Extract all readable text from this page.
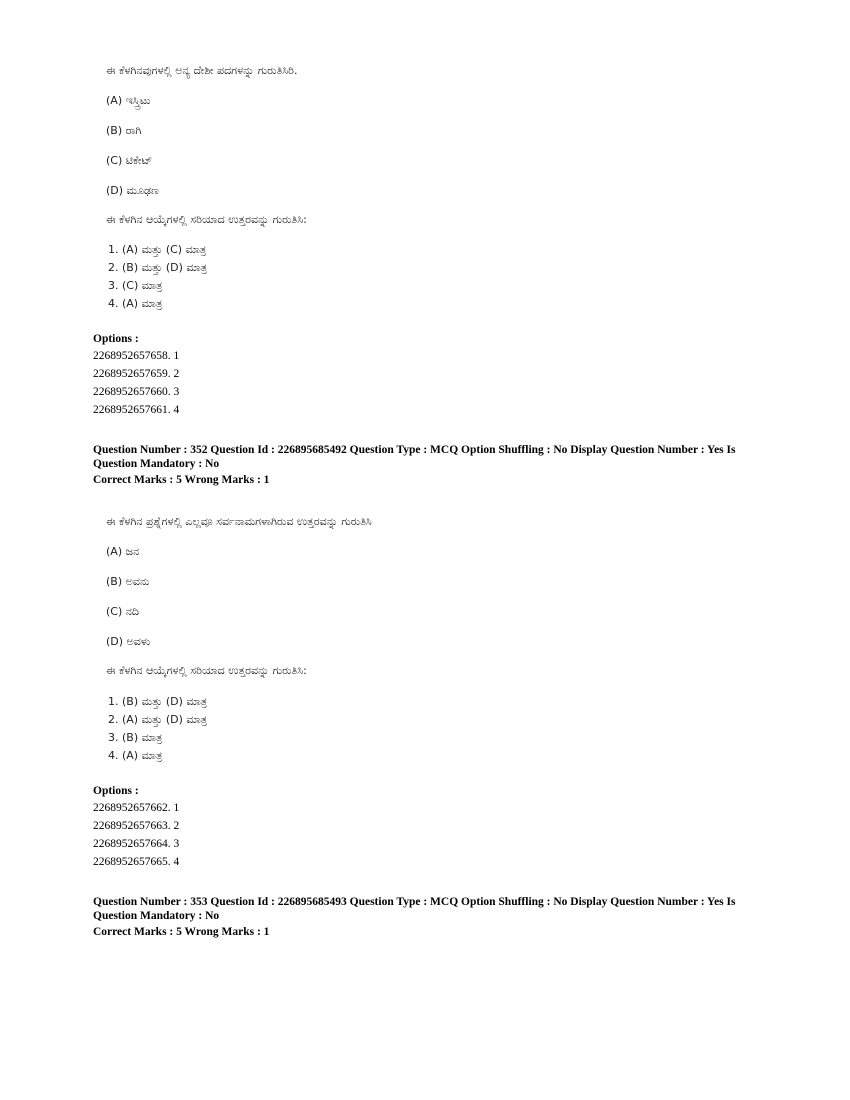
ಈ ಕೆಳಗಿನವುಗಳಲ್ಲಿ ಅನ್ಯ ದೇಶೀ ಪದಗಳನ್ನು ಗುರುತಿಸಿರಿ.
(A) ಇಸ್ತ್ರಿಟು
(B) ರಾಗಿ
(C) ಟಿಕೇಟ್
(D) ಮೂಢಣ
ಈ ಕೆಳಗಿನ ಆಯ್ಕೆಗಳಲ್ಲಿ ಸರಿಯಾದ ಉತ್ತರವನ್ನು ಗುರುತಿಸಿ:
1. (A) ಮತ್ತು (C) ಮಾತ್ರ
2. (B) ಮತ್ತು (D) ಮಾತ್ರ
3. (C) ಮಾತ್ರ
4. (A) ಮಾತ್ರ
Options :
2268952657658. 1
2268952657659. 2
2268952657660. 3
2268952657661. 4
Question Number : 352 Question Id : 226895685492 Question Type : MCQ Option Shuffling : No Display Question Number : Yes Is Question Mandatory : No
Correct Marks : 5 Wrong Marks : 1
ಈ ಕೆಳಗಿನ ಪ್ರಶ್ನೆಗಳಲ್ಲಿ ಎಲ್ಲವೂ ಸರ್ವನಾಮಗಳಾಗಿರುವ ಉತ್ತರವನ್ನು ಗುರುತಿಸಿ
(A) ಜನ
(B) ಅವನು
(C) ನದಿ
(D) ಅವಳು
ಈ ಕೆಳಗಿನ ಆಯ್ಕೆಗಳಲ್ಲಿ ಸರಿಯಾದ ಉತ್ತರವನ್ನು ಗುರುತಿಸಿ:
1. (B) ಮತ್ತು (D) ಮಾತ್ರ
2. (A) ಮತ್ತು (D) ಮಾತ್ರ
3. (B) ಮಾತ್ರ
4. (A) ಮಾತ್ರ
Options :
2268952657662. 1
2268952657663. 2
2268952657664. 3
2268952657665. 4
Question Number : 353 Question Id : 226895685493 Question Type : MCQ Option Shuffling : No Display Question Number : Yes Is Question Mandatory : No
Correct Marks : 5 Wrong Marks : 1
